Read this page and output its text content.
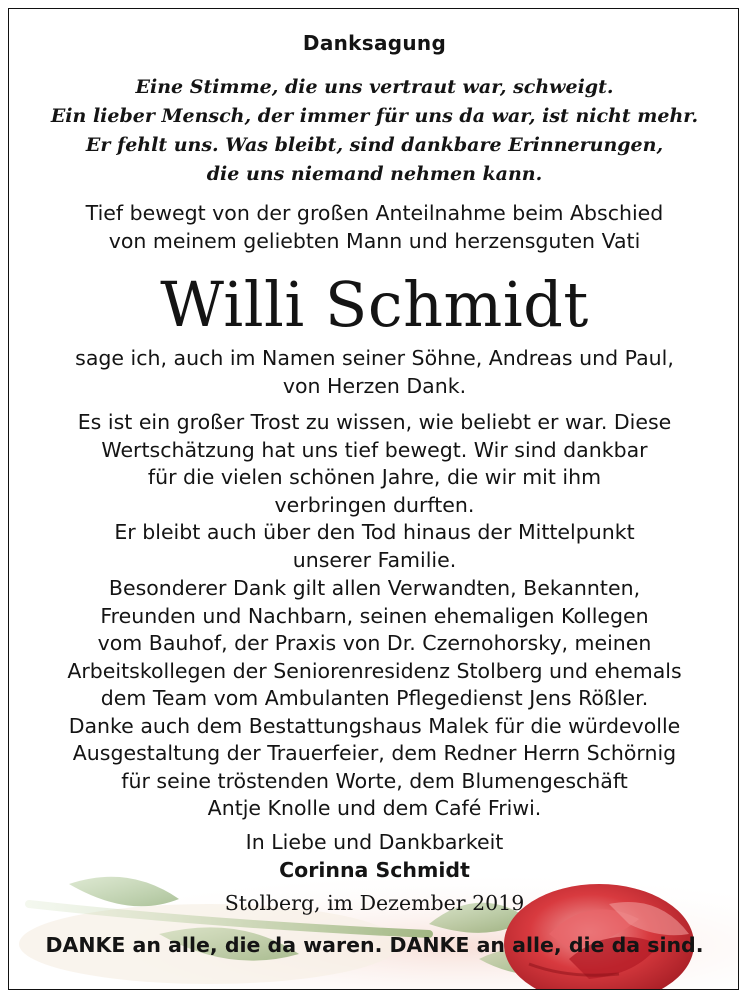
Danksagung
Eine Stimme, die uns vertraut war, schweigt.
Ein lieber Mensch, der immer für uns da war, ist nicht mehr.
Er fehlt uns. Was bleibt, sind dankbare Erinnerungen,
die uns niemand nehmen kann.
Tief bewegt von der großen Anteilnahme beim Abschied
von meinem geliebten Mann und herzensguten Vati
Willi Schmidt
sage ich, auch im Namen seiner Söhne, Andreas und Paul,
von Herzen Dank.
Es ist ein großer Trost zu wissen, wie beliebt er war. Diese
Wertschätzung hat uns tief bewegt. Wir sind dankbar
für die vielen schönen Jahre, die wir mit ihm
verbringen durften.
Er bleibt auch über den Tod hinaus der Mittelpunkt
unserer Familie.
Besonderer Dank gilt allen Verwandten, Bekannten,
Freunden und Nachbarn, seinen ehemaligen Kollegen
vom Bauhof, der Praxis von Dr. Czernohorsky, meinen
Arbeitskollegen der Seniorenresidenz Stolberg und ehemals
dem Team vom Ambulanten Pflegedienst Jens Rößler.
Danke auch dem Bestattungshaus Malek für die würdevolle
Ausgestaltung der Trauerfeier, dem Redner Herrn Schörnig
für seine tröstenden Worte, dem Blumengeschäft
Antje Knolle und dem Café Friwi.
In Liebe und Dankbarkeit
Corinna Schmidt
Stolberg, im Dezember 2019
DANKE an alle, die da waren. DANKE an alle, die da sind.
